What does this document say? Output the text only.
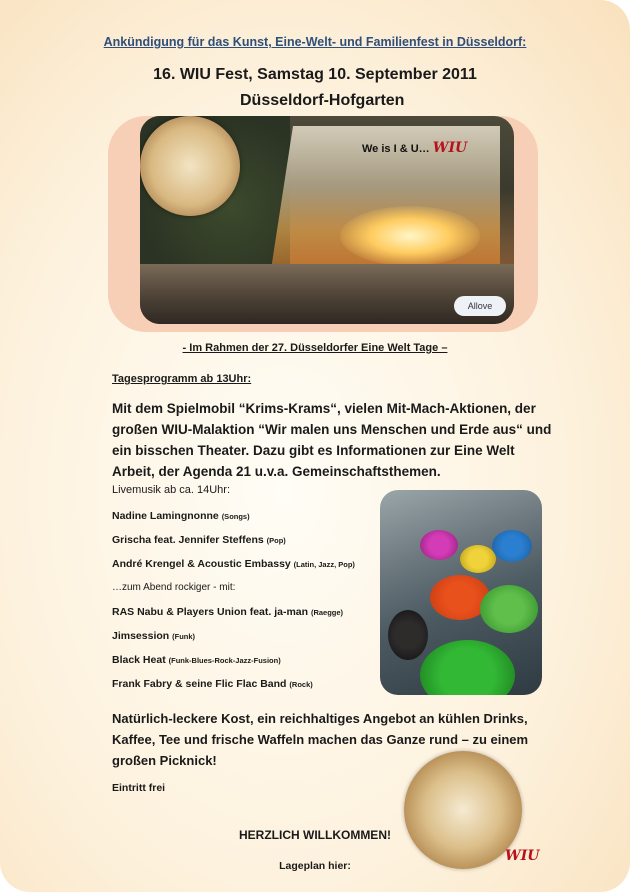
Ankündigung für das Kunst, Eine-Welt- und Familienfest in Düsseldorf:
16. WIU Fest, Samstag 10. September 2011
Düsseldorf-Hofgarten
We is I & U… WIU
Allove
- Im Rahmen der 27. Düsseldorfer Eine Welt Tage –
Tagesprogramm ab 13Uhr:
Mit dem Spielmobil “Krims-Krams“, vielen Mit-Mach-Aktionen, der großen WIU-Malaktion “Wir malen uns Menschen und Erde aus“ und ein bisschen Theater. Dazu gibt es Informationen zur Eine Welt Arbeit, der Agenda 21 u.v.a. Gemeinschaftsthemen.
Livemusik ab ca. 14Uhr:
Nadine Lamingnonne (Songs)
Grischa feat. Jennifer Steffens (Pop)
André Krengel & Acoustic Embassy (Latin, Jazz, Pop)
…zum Abend rockiger - mit:
RAS Nabu & Players Union feat. ja-man (Raegge)
Jimsession (Funk)
Black Heat (Funk-Blues-Rock-Jazz-Fusion)
Frank Fabry & seine Flic Flac Band (Rock)
Natürlich-leckere Kost, ein reichhaltiges Angebot an kühlen Drinks, Kaffee, Tee und frische Waffeln machen das Ganze rund – zu einem großen Picknick!
Eintritt frei
HERZLICH WILLKOMMEN!
Lageplan hier:
WIU
